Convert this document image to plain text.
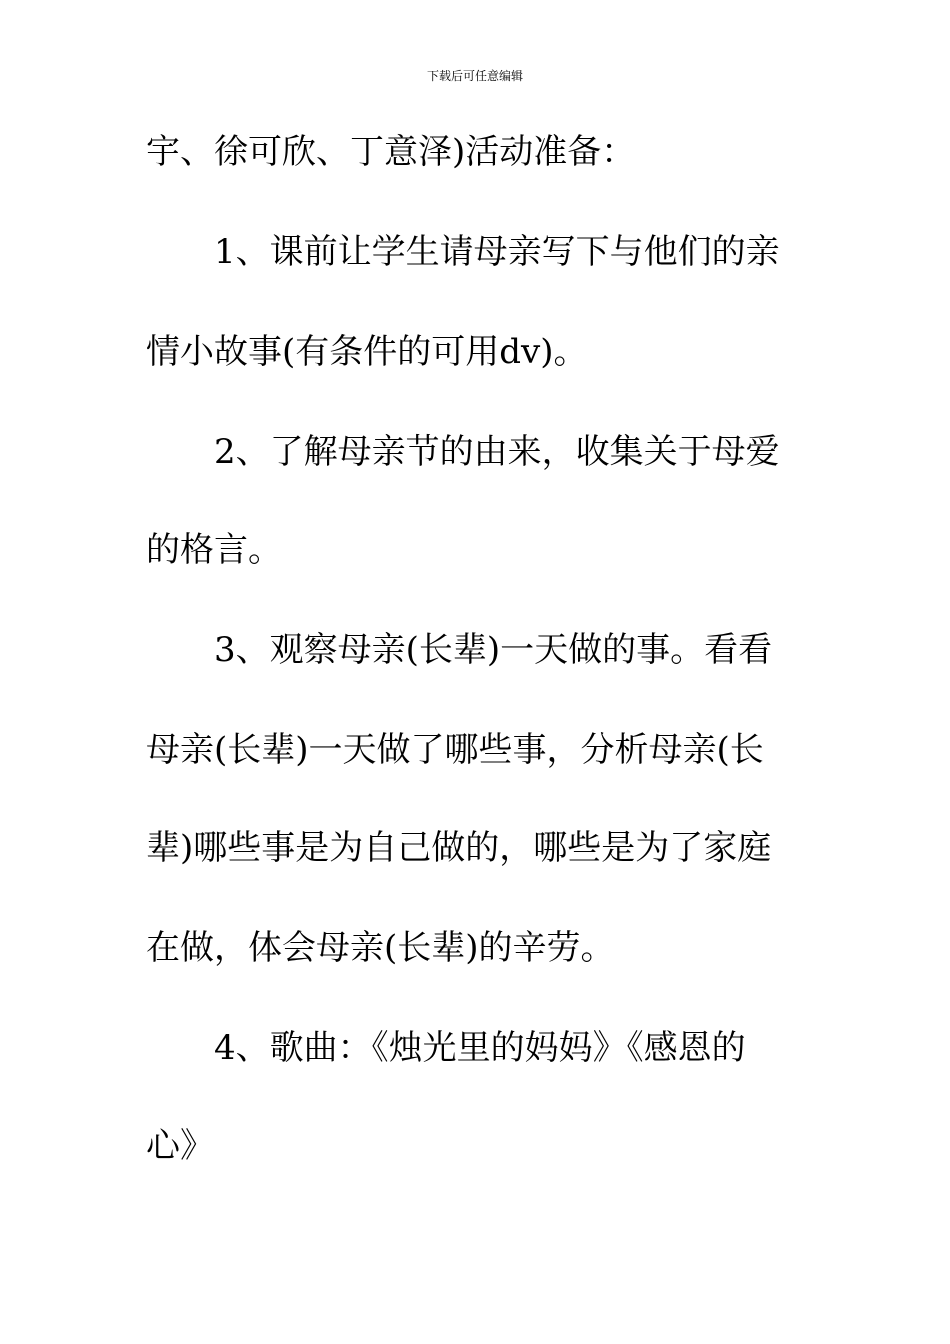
下载后可任意编辑
宇、徐可欣、丁意泽)活动准备：
1、课前让学生请母亲写下与他们的亲
情小故事(有条件的可用dv)。
2、了解母亲节的由来，收集关于母爱
的格言。
3、观察母亲(长辈)一天做的事。看看
母亲(长辈)一天做了哪些事，分析母亲(长
辈)哪些事是为自己做的，哪些是为了家庭
在做，体会母亲(长辈)的辛劳。
4、歌曲：《烛光里的妈妈》《感恩的
心》
